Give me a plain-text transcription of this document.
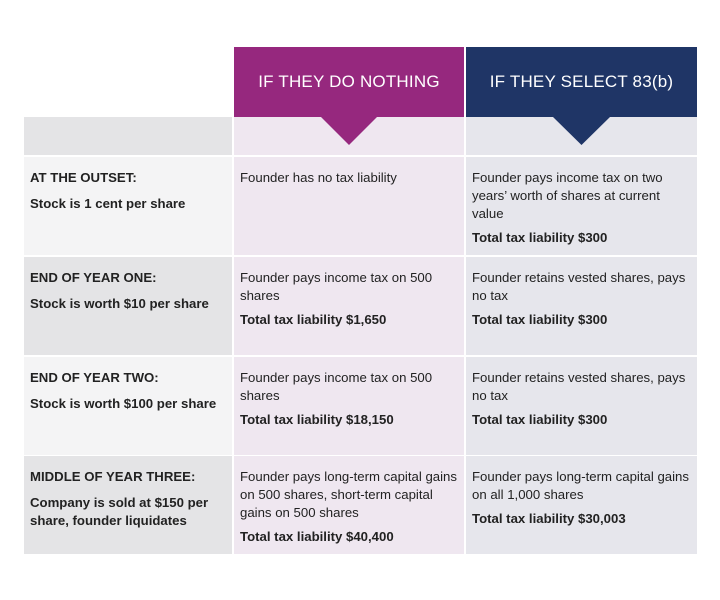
IF THEY DO NOTHING	IF THEY SELECT 83(b)
AT THE OUTSET:
Stock is 1 cent per share
Founder has no tax liability	Founder pays income tax on two years’ worth of shares at current value
Total tax liability $300
END OF YEAR ONE:
Stock is worth $10 per share
Founder pays income tax on 500 shares
Total tax liability $1,650
Founder retains vested shares, pays no tax
Total tax liability $300
END OF YEAR TWO:
Stock is worth $100 per share
Founder pays income tax on 500 shares
Total tax liability $18,150
Founder retains vested shares, pays no tax
Total tax liability $300
MIDDLE OF YEAR THREE:
Company is sold at $150 per share, founder liquidates
Founder pays long-term capital gains on 500 shares, short-term capital gains on 500 shares
Total tax liability $40,400
Founder pays long-term capital gains on all 1,000 shares
Total tax liability $30,003
